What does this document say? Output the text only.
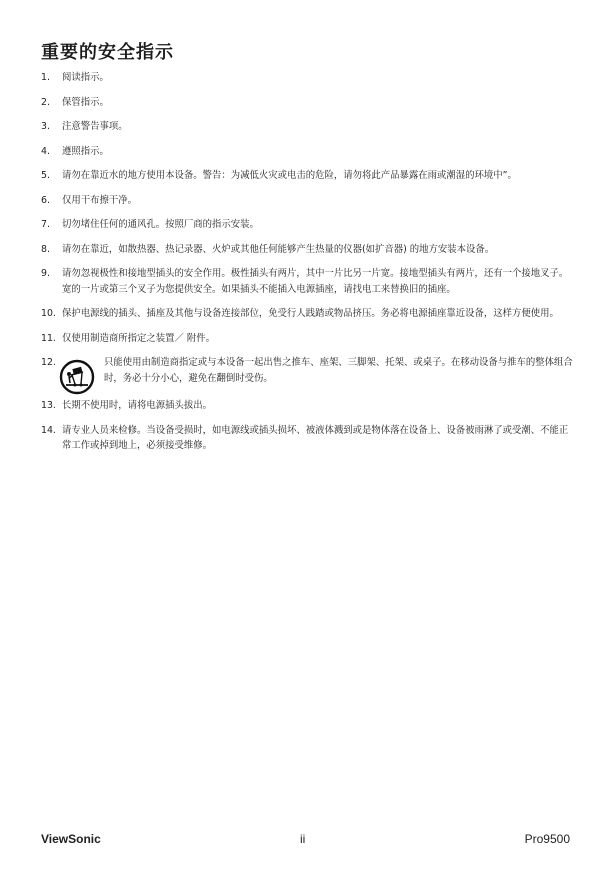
重要的安全指示
1.	阅读指示。
2.	保管指示。
3.	注意警告事项。
4.	遵照指示。
5.	请勿在靠近水的地方使用本设备。警告：为减低火灾或电击的危险，请勿将此产品暴露在雨或潮湿的环境中”。
6.	仅用干布擦干净。
7.	切勿堵住任何的通风孔。按照厂商的指示安装。
8.	请勿在靠近，如散热器、热记录器、火炉或其他任何能够产生热量的仪器(如扩音器) 的地方安装本设备。
9.	请勿忽视极性和接地型插头的安全作用。极性插头有两片，其中一片比另一片宽。接地型插头有两片，还有一个接地叉子。宽的一片或第三个叉子为您提供安全。如果插头不能插入电源插座，请找电工来替换旧的插座。
10. 保护电源线的插头、插座及其他与设备连接部位，免受行人践踏或物品挤压。务必将电源插座靠近设备，这样方便使用。
11. 仅使用制造商所指定之装置／ 附件。
12.	只能使用由制造商指定或与本设备一起出售之推车、座架、三脚架、托架、或桌子。在移动设备与推车的整体组合时，务必十分小心，避免在翻倒时受伤。
13. 长期不使用时，请将电源插头拔出。
14. 请专业人员来检修。当设备受损时，如电源线或插头损坏、被液体溅到或是物体落在设备上、设备被雨淋了或受潮、不能正常工作或掉到地上，必须接受维修。
ViewSonic	ii	Pro9500
